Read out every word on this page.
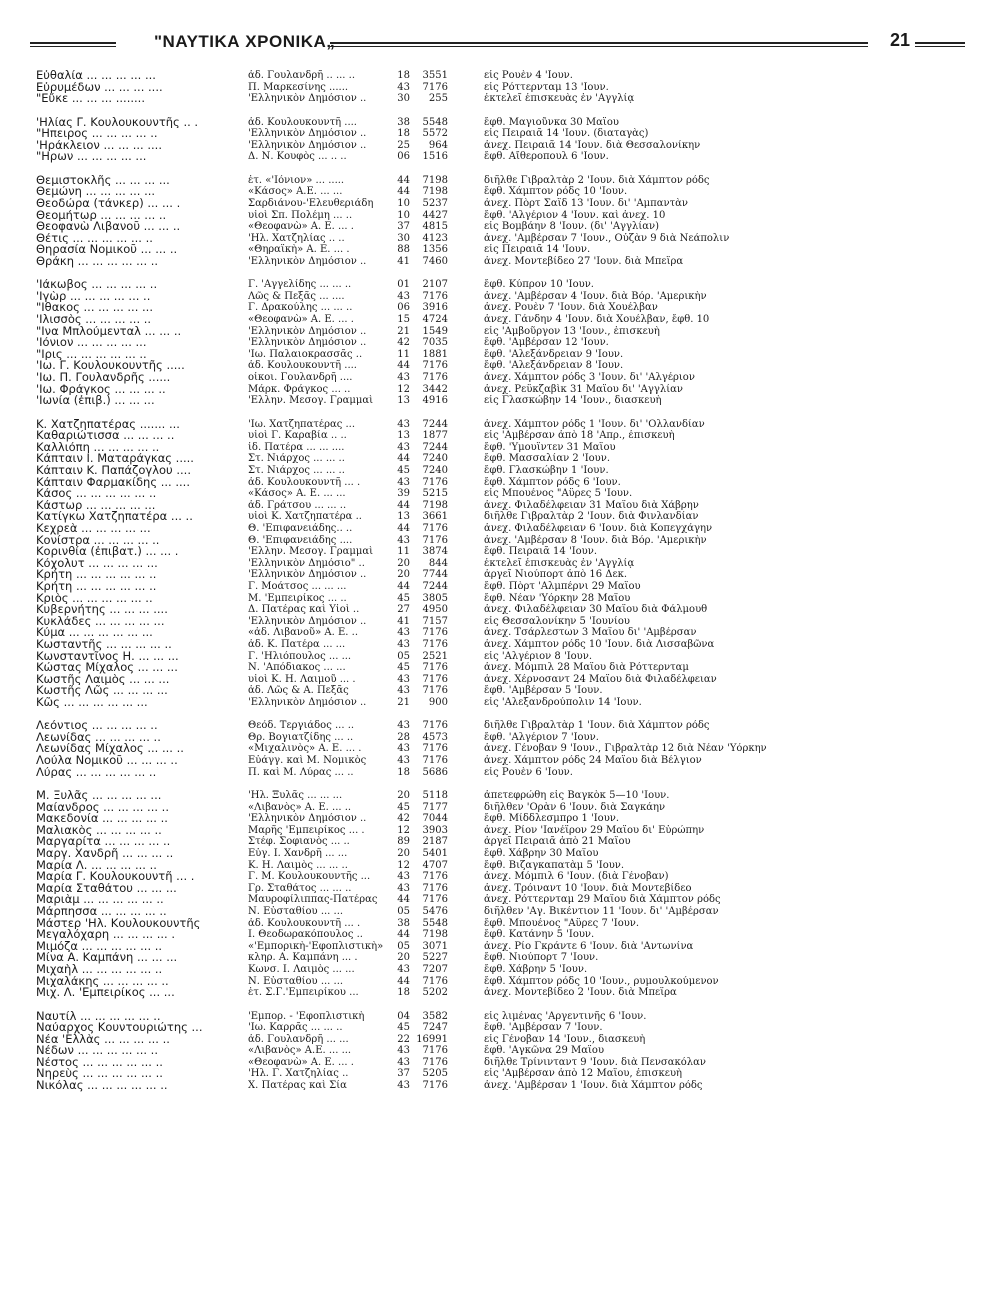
"ΝΑΥΤΙΚΑ ΧΡΟΝΙΚΑ„	21
Εὐθαλία ... ... ... ... ...	ἀδ. Γουλανδρῆ .. ... ..	18	3551	εἰς Ρουὲν 4 'Ιουν.
Εὐρυμέδων ... ... ... ....	Π. Μαρκεσίνης ......	43	7176	εἰς Ρόττερνταμ 13 'Ιουν.
"Εὔκε ... ... ... ........	'Ελληνικὸν Δημόσιον ..	30	255	ἐκτελεῖ ἐπισκευὰς ἐν 'Αγγλίᾳ
'Ηλίας Γ. Κουλουκουντῆς .. .	ἀδ. Κουλουκουντῆ ....	38	5548	ἔφθ. Μαγιοῦνκα 30 Μαΐου
"Ηπειρος ... ... ... ... ..	'Ελληνικὸν Δημόσιον ..	18	5572	εἰς Πειραιᾶ 14 'Ιουν. (διαταγὰς)
'Ηράκλειον ... ... ... ....	'Ελληνικὸν Δημόσιον ..	25	964	ἀνεχ. Πειραιᾶ 14 'Ιουν. διὰ Θεσσαλονίκην
"Ηρων ... ... ... ... ...	Δ. Ν. Κουφὸς ... .. ..	06	1516	ἔφθ. Αἴθεροπουλ 6 'Ιουν.
Θεμιστοκλῆς ... ... ... ...	ἑτ. «'Ιόνιον» ... .....	44	7198	διῆλθε Γιβραλτὰρ 2 'Ιουν. διὰ Χάμπτον ρόδς
Θεμώνη ... ... ... ... ...	«Κάσος» Α.Ε. ... ...	44	7198	ἔφθ. Χάμπτον ρόδς 10 'Ιουν.
Θεοδώρα (τάνκερ) ... ... .	Σαρδιάνου-'Ελευθεριάδη	10	5237	ἀνεχ. Πὸρτ Σαΐδ 13 'Ιουν. δι' 'Αμπαντὰν
Θεομήτωρ ... ... ... ... ..	υἱοὶ Σπ. Πολέμη ... ..	10	4427	ἔφθ. 'Αλγέριον 4 'Ιουν. καὶ ἀνεχ. 10
Θεοφανὼ Λιβανοῦ ... ... ..	«Θεοφανὼ» Α. Ε. ... .	37	4815	εἰς Βομβάην 8 'Ιουν. (δι' 'Αγγλίαν)
Θέτις ... ... ... ... ... ..	'Ηλ. Χατζηλίας .. ..	30	4123	ἀνεχ. 'Αμβέρσαν 7 'Ιουν., Οὐζὰν 9 διὰ Νεάπολιν
Θηρασία Νομικοῦ ... ... ..	«Θηραϊκὴ» Α. Ε. ... .	88	1356	εἰς Πειραιᾶ 14 'Ιουν.
Θράκη ... ... ... ... ... ..	'Ελληνικὸν Δημόσιον ..	41	7460	ἀνεχ. Μοντεβίδεο 27 'Ιουν. διὰ Μπεΐρα
'Ιάκωβος ... ... ... ... ..	Γ. 'Αγγελίδης ... ... ..	01	2107	ἔφθ. Κύπρον 10 'Ιουν.
'Ιγὼρ ... ... ... ... ... ..	Λῶς & Πεξᾶς ... ....	43	7176	ἀνεχ. 'Αμβέρσαν 4 'Ιουν. διὰ Βόρ. 'Αμερικὴν
"Ιθακος ... ... ... ... ...	Γ. Δρακούλης ... ... ..	06	3916	ἀνεχ. Ρουὲν 7 'Ιουν. διὰ Χουέλβαν
'Ιλισσὸς ... ... ... ... ..	«Θεοφανὼ» Α. Ε. ... .	15	4724	ἀνεχ. Γάνδην 4 'Ιουν. διὰ Χουέλβαν, ἔφθ. 10
"Ινα Μπλούμενταλ ... ... ..	'Ελληνικὸν Δημόσιον ..	21	1549	εἰς 'Αμβοῦργον 13 'Ιουν., ἐπισκευὴ
'Ιόνιον ... ... ... ... ...	'Ελληνικὸν Δημόσιον ..	42	7035	ἔφθ. 'Αμβέρσαν 12 'Ιουν.
"Ιρις ... ... ... ... ... ..	'Ιω. Παλαιοκρασσᾶς ..	11	1881	ἔφθ. 'Αλεξάνδρειαν 9 'Ιουν.
'Ιω. Γ. Κουλουκουντῆς .....	ἀδ. Κουλουκουντῆ ....	44	7176	ἔφθ. 'Αλεξάνδρειαν 8 'Ιουν.
'Ιω. Π. Γουλανδρῆς ......	οἶκοι. Γουλανδρῆ ....	43	7176	ἀνεχ. Χάμπτον ρόδς 3 'Ιουν. δι' 'Αλγέριον
'Ιω. Φράγκος ... ... ... ..	Μάρκ. Φράγκος ... ..	12	3442	ἀνεχ. Ρεϋκζαβὶκ 31 Μαΐου δι' 'Αγγλίαν
'Ιωνία (ἐπιβ.) ... ... ...	'Ελλην. Μεσογ. Γραμμαὶ	13	4916	εἰς Γλασκώβην 14 'Ιουν., διασκευὴ
Κ. Χατζηπατέρας ....... ...	'Ιω. Χατζηπατέρας ...	43	7244	ἀνεχ. Χάμπτον ρόδς 1 'Ιουν. δι' 'Ολλανδίαν
Καθαριώτισσα ... ... ... ..	υἱοὶ Γ. Καραβία .. ..	13	1877	εἰς 'Αμβέρσαν ἀπὸ 18 'Απρ., ἐπισκευὴ
Καλλιόπη ... ... ... ... ..	ἰδ. Πατέρα ... ... ....	43	7244	ἔφθ. 'Υμουΐντεν 31 Μαΐου
Κάπταιν Ι. Ματαράγκας .....	Στ. Νιάρχος ... ... ..	44	7240	ἔφθ. Μασσαλίαν 2 'Ιουν.
Κάπταιν Κ. Παπάζογλου ....	Στ. Νιάρχος ... ... ..	45	7240	ἔφθ. Γλασκώβην 1 'Ιουν.
Κάπταιν Φαρμακίδης ... ....	ἀδ. Κουλουκουντῆ ... .	43	7176	ἔφθ. Χάμπτον ρόδς 6 'Ιουν.
Κάσος ... ... ... ... ... ..	«Κάσος» Α. Ε. ... ...	39	5215	εἰς Μπουένος "Αϋρες 5 'Ιουν.
Κάστωρ ... ... ... ... ...	ἀδ. Γράτσου ... ... ..	44	7198	ἀνεχ. Φιλαδέλφειαν 31 Μαΐου διὰ Χάβρην
Κατίγκω Χατζηπατέρα ... ..	υἱοὶ Κ. Χατζηπατέρα ..	13	3661	διῆλθε Γιβραλτὰρ 2 'Ιουν. διὰ Φινλανδίαν
Κεχρεὰ ... ... ... ... ...	Θ. 'Επιφανειάδης.. ..	44	7176	ἀνεχ. Φιλαδέλφειαν 6 'Ιουν. διὰ Κοπεγχάγην
Κονίστρα ... ... ... ... ..	Θ. 'Επιφανειάδης ....	43	7176	ἀνεχ. 'Αμβέρσαν 8 'Ιουν. διὰ Βόρ. 'Αμερικὴν
Κορινθία (ἐπιβατ.) ... ... .	'Ελλην. Μεσογ. Γραμμαὶ	11	3874	ἔφθ. Πειραιᾶ 14 'Ιουν.
Κόχολυτ ... ... ... ... ...	'Ελληνικὸν Δημόσιο" ..	20	844	ἐκτελεῖ ἐπισκευὰς ἐν 'Αγγλίᾳ
Κρήτη ... ... ... ... ... ..	'Ελληνικὸν Δημόσιον ..	20	7744	ἀργεῖ Νιούπορτ ἀπὸ 16 Δεκ.
Κρήτη ... ... ... ... ... ..	Γ. Μοάτσος ... ... ...	44	7244	ἔφθ. Πὸρτ 'Αλμπέρνι 29 Μαΐου
Κριὸς ... ... ... ... ... ..	Μ. 'Εμπειρίκος ... ..	45	3805	ἔφθ. Νέαν 'Υόρκην 28 Μαΐου
Κυβερνήτης ... ... ... ....	Δ. Πατέρας καὶ Υἱοὶ ..	27	4950	ἀνεχ. Φιλαδέλφειαν 30 Μαΐου διὰ Φάλμουθ
Κυκλάδες ... ... ... ... ...	'Ελληνικὸν Δημόσιον ..	41	7157	εἰς Θεσσαλονίκην 5 'Ιουνίου
Κύμα ... ... ... ... ... ...	«ἀδ. Λιβανοῦ» Α. Ε. ..	43	7176	ἀνεχ. Τσάρλεστων 3 Μαΐου δι' 'Αμβέρσαν
Κωσταντῆς ... ... ... ... ..	ἀδ. Κ. Πατέρα ... ...	43	7176	ἀνεχ. Χάμπτον ρόδς 10 'Ιουν. διὰ Λισσαβῶνα
Κωνσταντῖνος Η. ... ... ...	Γ. 'Ηλιόπουλος ... ...	05	2521	εἰς 'Αλγέριον 8 'Ιουν.
Κώστας Μίχαλος ... ... ...	Ν. 'Απόδιακος ... ...	45	7176	ἀνεχ. Μόμπιλ 28 Μαΐου διὰ Ρόττερνταμ
Κωστῆς Λαιμὸς ... ... ...	υἱοὶ Κ. Η. Λαιμοῦ ... .	43	7176	ἀνεχ. Χέρνοσαντ 24 Μαΐου διὰ Φιλαδέλφειαν
Κωστῆς Λῶς ... ... ... ...	ἀδ. Λῶς & Α. Πεξᾶς	43	7176	ἔφθ. 'Αμβέρσαν 5 'Ιουν.
Κῶς ... ... ... ... ... ...	'Ελληνικὸν Δημόσιον ..	21	900	εἰς 'Αλεξανδρούπολιν 14 'Ιουν.
Λεόντιος ... ... ... ... ..	Θεόδ. Τεργιάδος ... ..	43	7176	διῆλθε Γιβραλτὰρ 1 'Ιουν. διὰ Χάμπτον ρόδς
Λεωνίδας ... ... ... ... ..	Θρ. Βογιατζίδης ... ..	28	4573	ἔφθ. 'Αλγέριον 7 'Ιουν.
Λεωνίδας Μίχαλος ... ... ..	«Μιχαλινὸς» Α. Ε. ... .	43	7176	ἀνεχ. Γένοβαν 9 'Ιουν., Γιβραλτὰρ 12 διὰ Νέαν 'Υόρκην
Λούλα Νομικοῦ ... ... ... ..	Εὐάγγ. καὶ Μ. Νομικὸς	43	7176	ἀνεχ. Χάμπτον ρόδς 24 Μαΐου διὰ Βέλγιον
Λύρας ... ... ... ... ... ..	Π. καὶ Μ. Λύρας ... ..	18	5686	εἰς Ρουὲν 6 'Ιουν.
Μ. Ξυλᾶς ... ... ... ... ...	'Ηλ. Ξυλᾶς ... ... ...	20	5118	ἀπετεφρώθη εἰς Βαγκὸκ 5—10 'Ιουν.
Μαίανδρος ... ... ... ... ..	«Λιβανὸς» Α. Ε. ... ..	45	7177	διῆλθεν 'Ορὰν 6 'Ιουν. διὰ Σαγκάην
Μακεδονία ... ... ... ... ..	'Ελληνικὸν Δημόσιον ..	42	7044	ἔφθ. Μίδδλεσμπρο 1 'Ιουν.
Μαλιακὸς ... ... ... ... ..	Μαρῆς 'Εμπειρίκος ... .	12	3903	ἀνεχ. Ρίον 'Ιανέϊρον 29 Μαΐου δι' Εὐρώπην
Μαργαρίτα ... ... ... ... ..	Στέφ. Σοφιανὸς ... ..	89	2187	ἀργεῖ Πειραιᾶ ἀπὸ 21 Μαΐου
Μαργ. Χανδρῆ ... ... ... ..	Εὐγ. Ι. Χανδρῆ ... ...	20	5401	ἔφθ. Χάβρην 30 Μαΐου
Μαρία Λ. ... ... ... ... ..	Κ. Η. Λαιμὸς ... ... ..	12	4707	ἔφθ. Βιζαγκαπατὰμ 5 'Ιουν.
Μαρία Γ. Κουλουκουντῆ ... .	Γ. Μ. Κουλουκουντῆς ...	43	7176	ἀνεχ. Μόμπιλ 6 'Ιουν. (διὰ Γένοβαν)
Μαρία Σταθάτου ... ... ...	Γρ. Σταθάτος ... ... ..	43	7176	ἀνεχ. Τρόιναντ 10 'Ιουν. διὰ Μοντεβίδεο
Μαριὰμ ... ... ... ... ... ..	Μαυροφίλιππας-Πατέρας	44	7176	ἀνεχ. Ρόττερνταμ 29 Μαΐου διὰ Χάμπτον ρόδς
Μάρπησσα ... ... ... ... ..	Ν. Εὐσταθίου ... ...	05	5476	διῆλθεν 'Αγ. Βικέντιον 11 'Ιουν. δι' 'Αμβέρσαν
Μάστερ 'Ηλ. Κουλουκουντῆς	ἀδ. Κουλουκουντῆ ... .	38	5548	ἔφθ. Μπουένος "Αϋρες 7 'Ιουν.
Μεγαλόχαρη ... ... ... ... .	Ι. Θεοδωρακόπουλος ..	44	7198	ἔφθ. Κατάνην 5 'Ιουν.
Μιμόζα ... ... ... ... ... ..	«'Εμπορικὴ-'Εφοπλιστικὴ»	05	3071	ἀνεχ. Ρίο Γκράντε 6 'Ιουν. διὰ 'Αντωνίνα
Μίνα Α. Καμπάνη ... ... ...	κληρ. Α. Καμπάνη ... .	20	5227	ἔφθ. Νιούπορτ 7 'Ιουν.
Μιχαὴλ ... ... ... ... ... ..	Κωνσ. Ι. Λαιμὸς ... ...	43	7207	ἔφθ. Χάβρην 5 'Ιουν.
Μιχαλάκης ... ... ... ... ..	Ν. Εὐσταθίου ... ...	44	7176	ἔφθ. Χάμπτον ρόδς 10 'Ιουν., ρυμουλκούμενον
Μιχ. Λ. 'Εμπειρίκος ... ...	ἑτ. Σ.Γ.'Εμπειρίκου ...	18	5202	ἀνεχ. Μοντεβίδεο 2 'Ιουν. διὰ Μπεΐρα
Ναυτίλ ... ... ... ... ... ..	'Εμπορ. - 'Εφοπλιστικὴ	04	3582	εἰς λιμένας 'Αργεντινῆς 6 'Ιουν.
Ναύαρχος Κουντουριώτης ...	'Ιω. Καρρᾶς ... ... ..	45	7247	ἔφθ. 'Αμβέρσαν 7 'Ιουν.
Νέα 'Ελλὰς ... ... ... ... ..	ἀδ. Γουλανδρῆ ... ...	22 16991	εἰς Γένοβαν 14 'Ιουν., διασκευὴ
Νέδων ... ... ... ... ... ..	«Λιβανὸς» Α.Ε. ... ...	43	7176	ἔφθ. 'Αγκῶνα 29 Μαΐου
Νέστος ... ... ... ... ... ..	«Θεοφανὼ» Α. Ε. ... .	43	7176	διῆλθε Τρίνινταντ 9 'Ιουν. διὰ Πενσακόλαν
Νηρεὺς ... ... ... ... ... ..	'Ηλ. Γ. Χατζηλίας ..	37	5205	εἰς 'Αμβέρσαν ἀπὸ 12 Μαΐου, ἐπισκευὴ
Νικόλας ... ... ... ... ... ..	Χ. Πατέρας καὶ Σία	43	7176	ἀνεχ. 'Αμβέρσαν 1 'Ιουν. διὰ Χάμπτον ρόδς
